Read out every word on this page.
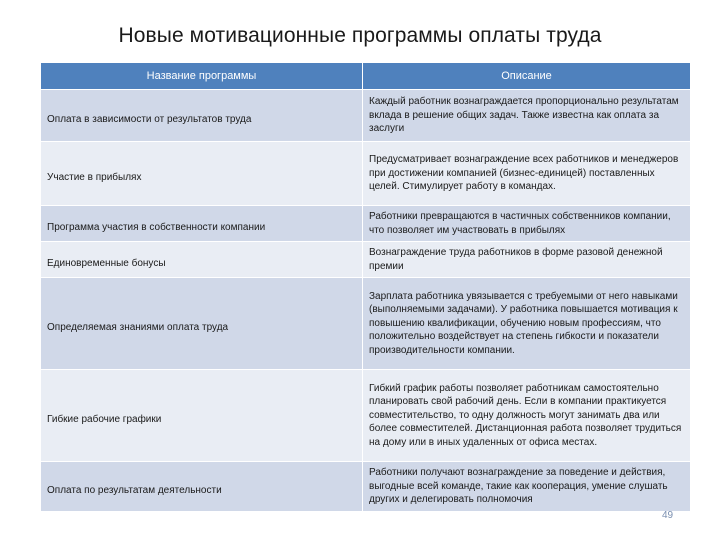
Новые мотивационные программы оплаты труда
Название программы	Описание
Оплата в зависимости от результатов труда	Каждый работник вознаграждается пропорционально результатам вклада в решение общих задач. Также известна как оплата за заслуги
Участие в прибылях	Предусматривает вознаграждение всех работников и менеджеров при достижении компанией (бизнес-единицей) поставленных целей. Стимулирует работу в командах.
Программа участия в собственности компании	Работники превращаются в частичных собственников компании, что позволяет им участвовать в прибылях
Единовременные бонусы	Вознаграждение труда работников в форме разовой денежной премии
Определяемая знаниями оплата труда	Зарплата работника увязывается с требуемыми от него навыками (выполняемыми задачами). У работника повышается мотивация к повышению квалификации, обучению новым профессиям, что положительно воздействует на степень гибкости и показатели производительности компании.
Гибкие рабочие графики	Гибкий график работы позволяет работникам самостоятельно планировать свой рабочий день. Если в компании практикуется совместительство, то одну должность могут занимать два или более совместителей. Дистанционная работа позволяет трудиться на дому или в иных удаленных от офиса местах.
Оплата по результатам деятельности	Работники получают вознаграждение за поведение и действия, выгодные всей команде, такие как кооперация, умение слушать других и делегировать полномочия
49
